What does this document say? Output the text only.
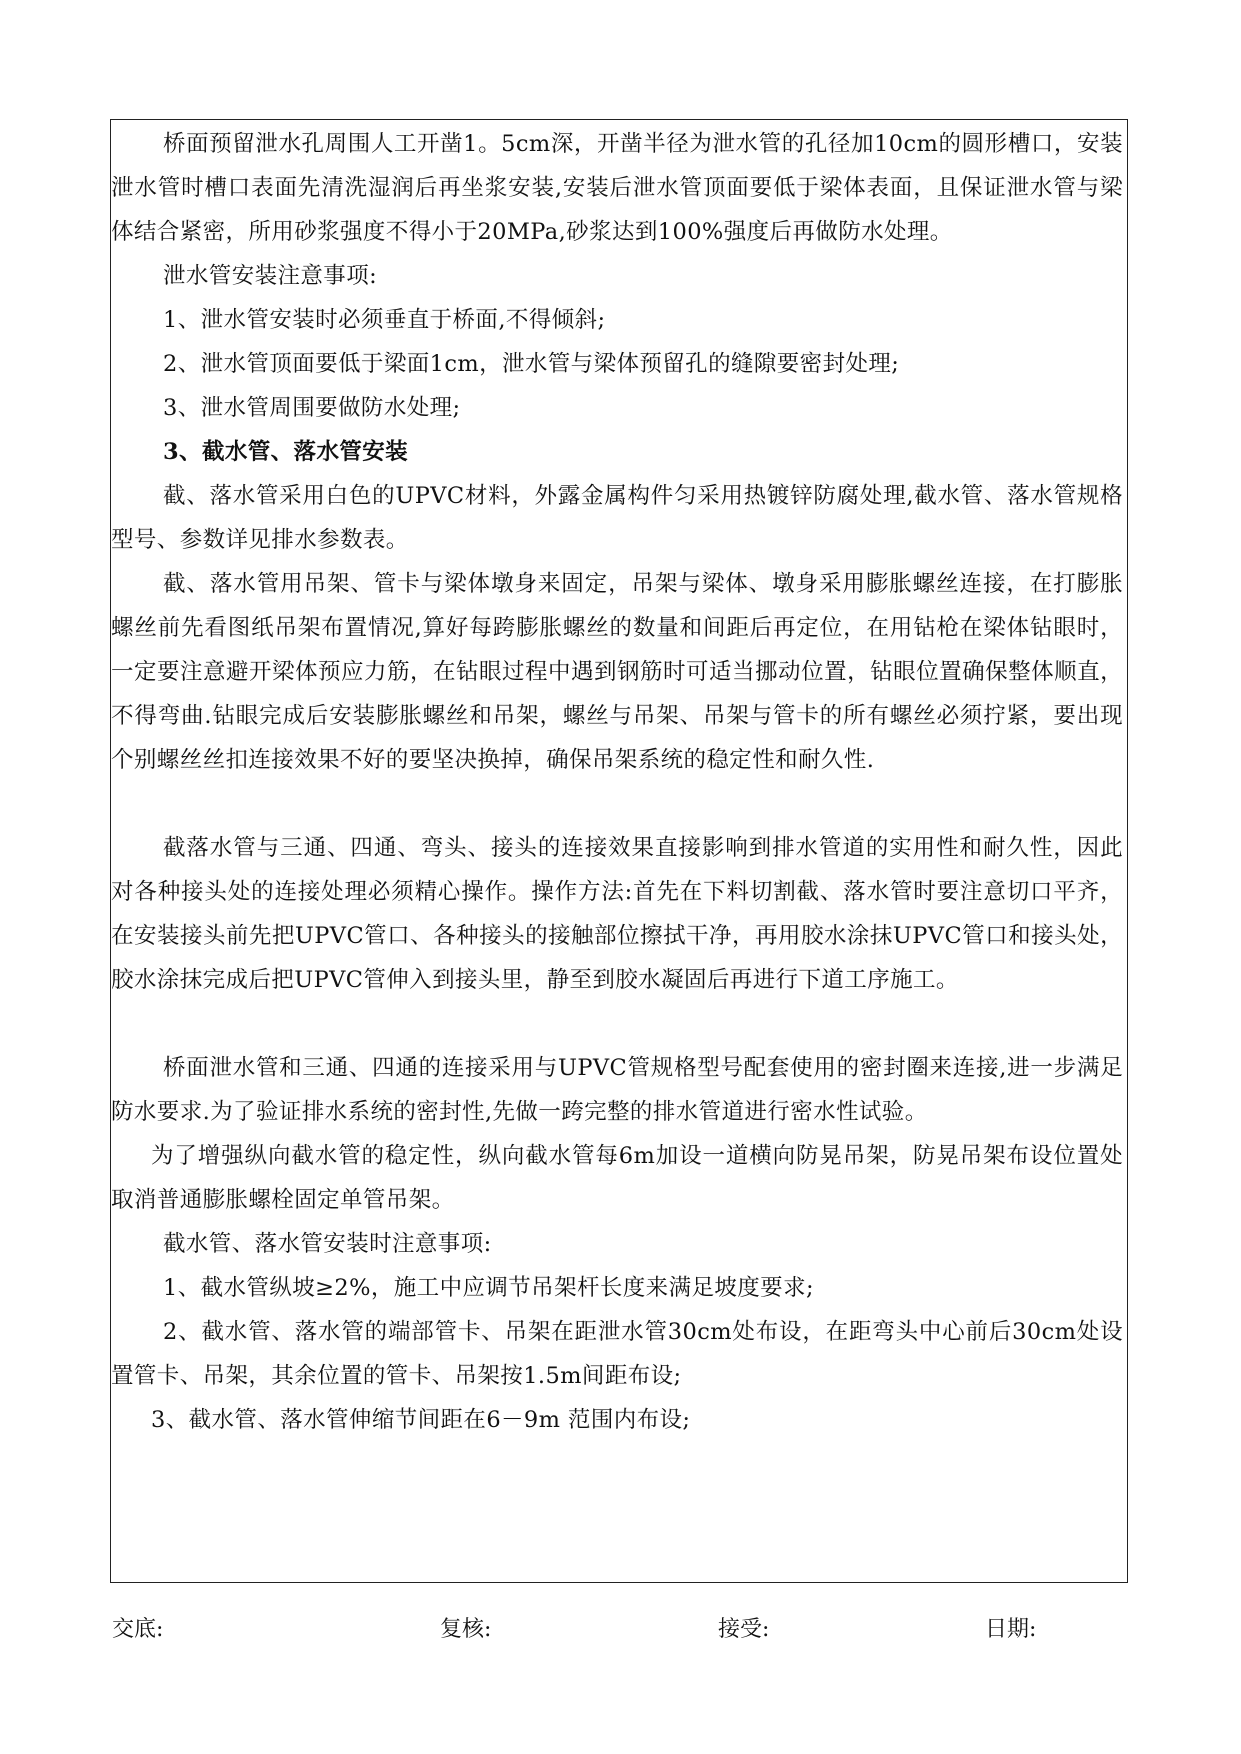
桥面预留泄水孔周围人工开凿1。5cm深，开凿半径为泄水管的孔径加10cm的圆形槽口，安装泄水管时槽口表面先清洗湿润后再坐浆安装,安装后泄水管顶面要低于梁体表面，且保证泄水管与梁体结合紧密，所用砂浆强度不得小于20MPa,砂浆达到100%强度后再做防水处理。

泄水管安装注意事项:

1、泄水管安装时必须垂直于桥面,不得倾斜;

2、泄水管顶面要低于梁面1cm，泄水管与梁体预留孔的缝隙要密封处理;

3、泄水管周围要做防水处理;

3、截水管、落水管安装

截、落水管采用白色的UPVC材料，外露金属构件匀采用热镀锌防腐处理,截水管、落水管规格型号、参数详见排水参数表。

截、落水管用吊架、管卡与梁体墩身来固定，吊架与梁体、墩身采用膨胀螺丝连接，在打膨胀螺丝前先看图纸吊架布置情况,算好每跨膨胀螺丝的数量和间距后再定位，在用钻枪在梁体钻眼时，一定要注意避开梁体预应力筋，在钻眼过程中遇到钢筋时可适当挪动位置，钻眼位置确保整体顺直，不得弯曲.钻眼完成后安装膨胀螺丝和吊架，螺丝与吊架、吊架与管卡的所有螺丝必须拧紧，要出现个别螺丝丝扣连接效果不好的要坚决换掉，确保吊架系统的稳定性和耐久性.

截落水管与三通、四通、弯头、接头的连接效果直接影响到排水管道的实用性和耐久性，因此对各种接头处的连接处理必须精心操作。操作方法:首先在下料切割截、落水管时要注意切口平齐，在安装接头前先把UPVC管口、各种接头的接触部位擦拭干净，再用胶水涂抹UPVC管口和接头处，胶水涂抹完成后把UPVC管伸入到接头里，静至到胶水凝固后再进行下道工序施工。

桥面泄水管和三通、四通的连接采用与UPVC管规格型号配套使用的密封圈来连接,进一步满足防水要求.为了验证排水系统的密封性,先做一跨完整的排水管道进行密水性试验。

为了增强纵向截水管的稳定性，纵向截水管每6m加设一道横向防晃吊架，防晃吊架布设位置处取消普通膨胀螺栓固定单管吊架。

截水管、落水管安装时注意事项:

1、截水管纵坡≥2%，施工中应调节吊架杆长度来满足坡度要求;

2、截水管、落水管的端部管卡、吊架在距泄水管30cm处布设，在距弯头中心前后30cm处设置管卡、吊架，其余位置的管卡、吊架按1.5m间距布设;

3、截水管、落水管伸缩节间距在6－9m 范围内布设;

交底:	复核:	接受:	日期:
